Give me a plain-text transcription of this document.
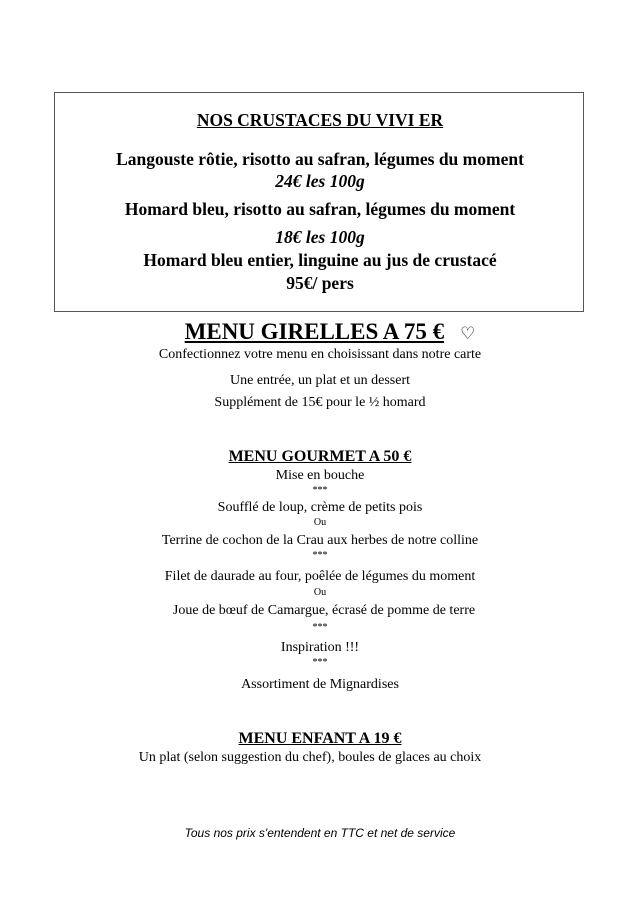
NOS CRUSTACES DU VIVI ER
Langouste rôtie, risotto au safran, légumes du moment
24€ les 100g
Homard bleu, risotto au safran, légumes du moment
18€ les 100g
Homard bleu entier, linguine au jus de crustacé
95€/ pers
MENU GIRELLES A 75 € ♡
Confectionnez votre menu en choisissant dans notre carte
Une entrée, un plat et un dessert
Supplément de 15€ pour le ½ homard
MENU GOURMET A 50 €
Mise en bouche
***
Soufflé de loup, crème de petits pois
Ou
Terrine de cochon de la Crau aux herbes de notre colline
***
Filet de daurade au four, poêlée de légumes du moment
Ou
Joue de bœuf de Camargue, écrasé de pomme de terre
***
Inspiration !!!
***
Assortiment de Mignardises
MENU ENFANT A 19 €
Un plat (selon suggestion du chef), boules de glaces au choix
Tous nos prix s'entendent en TTC et net de service
